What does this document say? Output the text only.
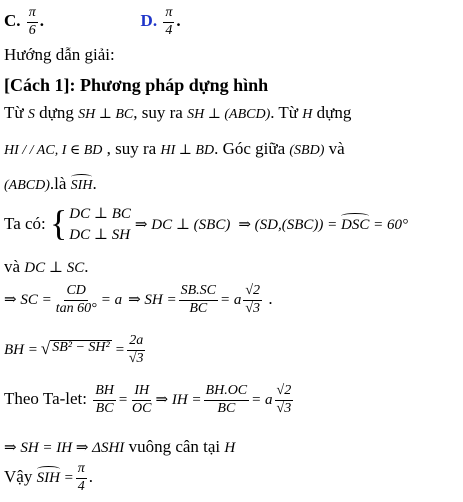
C. $\frac{\pi}{6}$ .	D. $\frac{\pi}{4}$ .
Hướng dẫn giải:
[Cách 1]: Phương pháp dựng hình
Từ S dựng SH ⊥ BC, suy ra SH ⊥ (ABCD). Từ H dựng
HI / / AC, I ∈ BD , suy ra HI ⊥ BD. Góc giữa (SBD) và
(ABCD).là SIH.
Ta có: { DC ⊥ BC
DC ⊥ SH
⇒ DC ⊥ (SBC) ⇒ (SD,(SBC)) = DSC = 60°
và DC ⊥ SC.
⇒ SC = $\frac{CD}{\tan 60^\circ} = a$ ⇒ SH = $\frac{SB.SC}{BC} = a \frac{√2}{√3}$ .
BH = √ $SB^2 - SH^2 = \frac{2a}{√3}$
Theo Ta-let: $\frac{BH}{BC} = \frac{IH}{OC}$ ⇒ IH = $\frac{BH.OC}{BC} = a \frac{√2}{√3}$
⇒ SH = IH ⇒ ΔSHI vuông cân tại H
Vậy SIH = $\frac{\pi}{4}$ .
